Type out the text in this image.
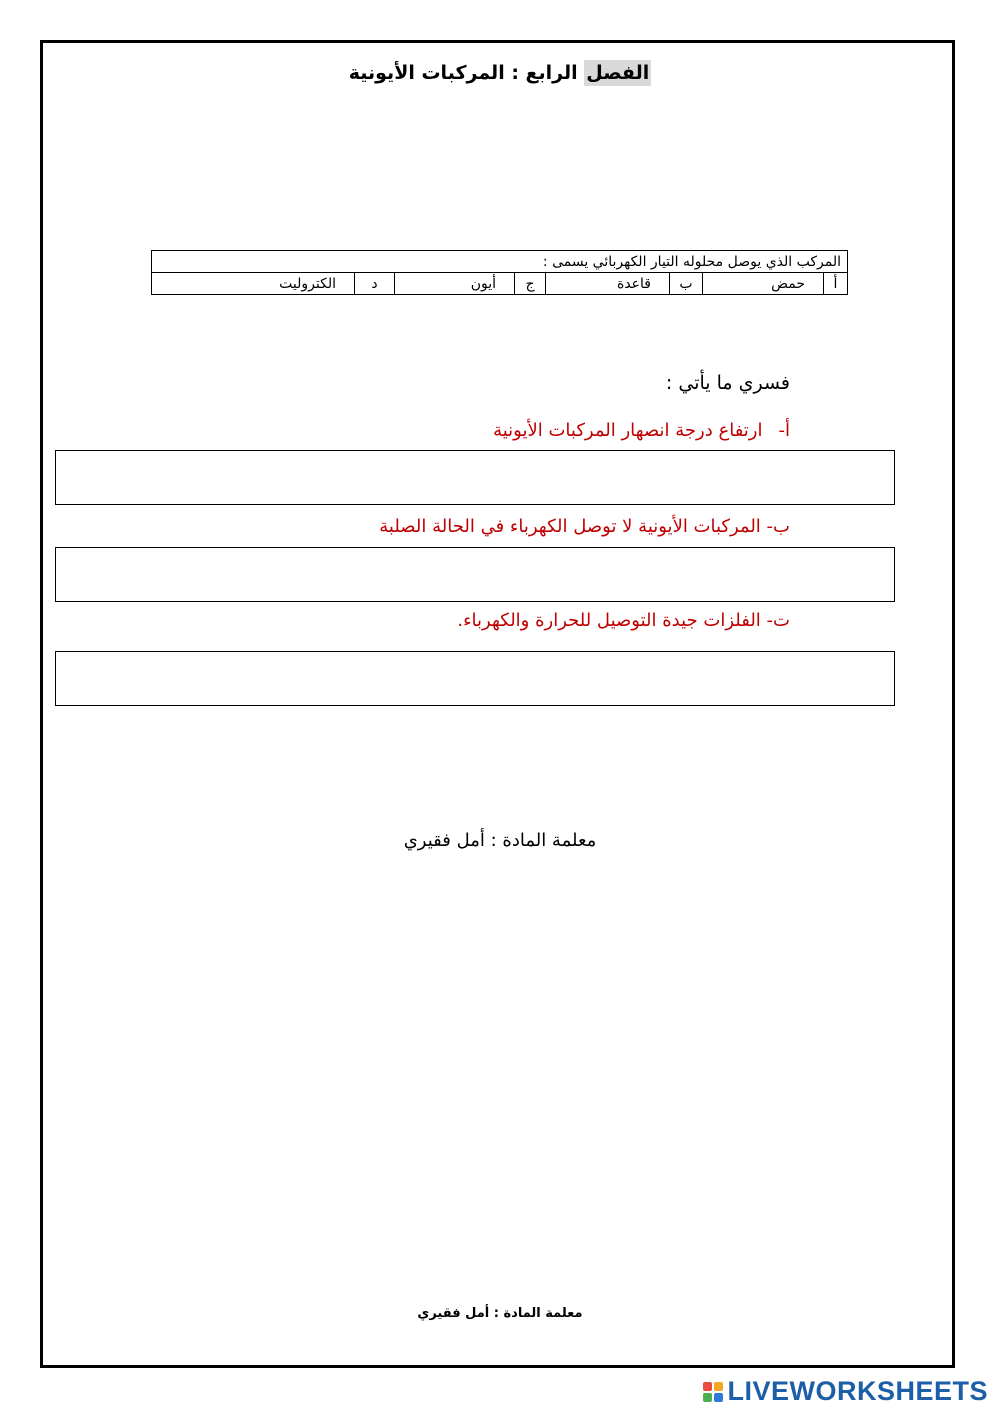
الفصل الرابع : المركبات الأيونية
المركب الذي يوصل محلوله التيار الكهربائي يسمى :
أ	حمض	ب	قاعدة	ج	أيون	د	الكتروليت
فسري ما يأتي :
أ-ارتفاع درجة انصهار المركبات الأيونية
ب- المركبات الأيونية لا توصل الكهرباء في الحالة الصلبة
ت- الفلزات جيدة التوصيل للحرارة والكهرباء.
معلمة المادة : أمل فقيري
معلمة المادة : أمل فقيري
LIVEWORKSHEETS
